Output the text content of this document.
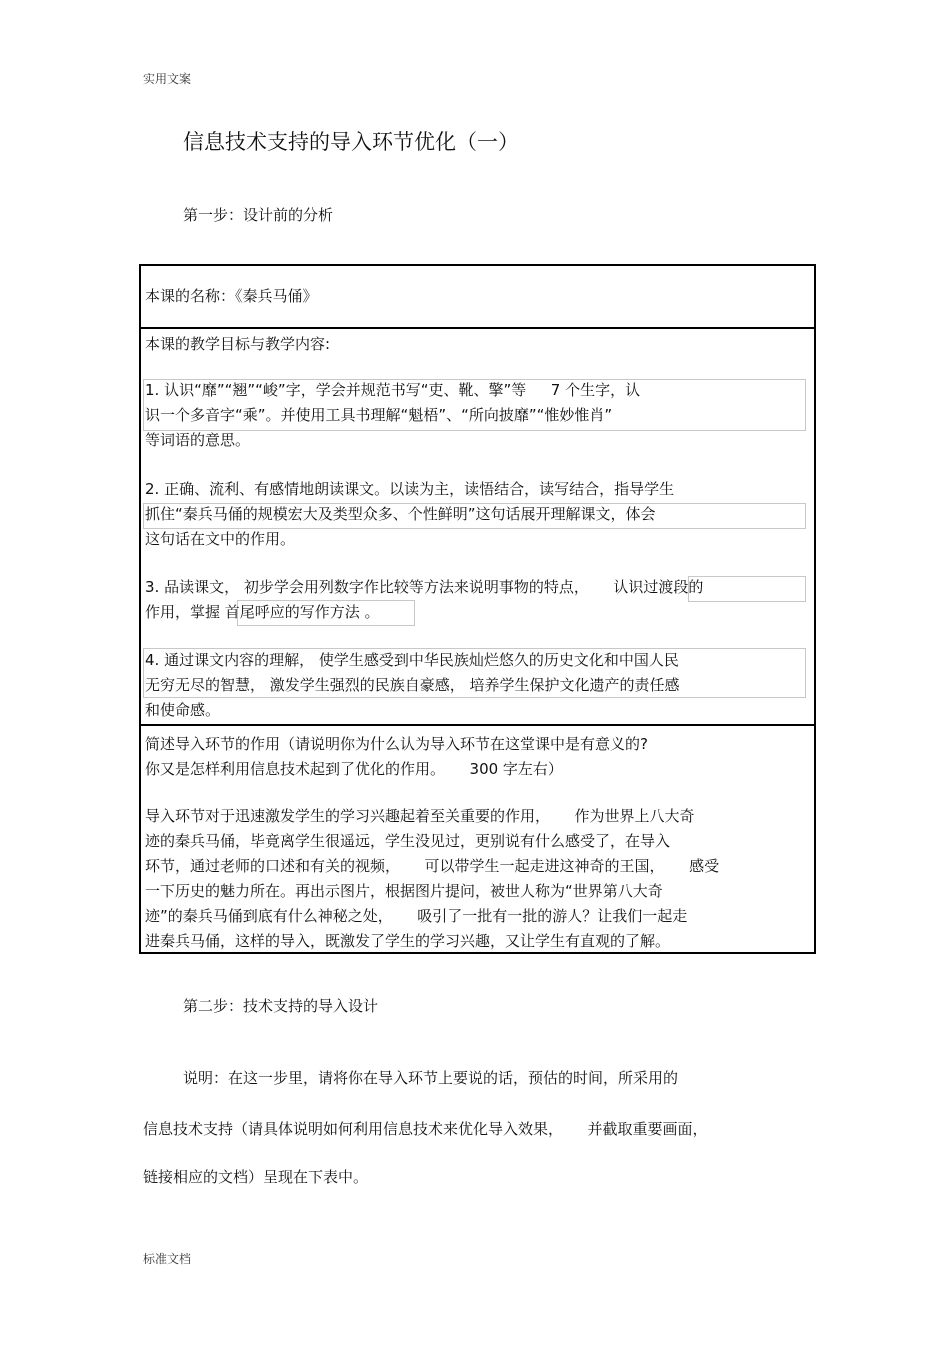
实用文案
信息技术支持的导入环节优化（一）
第一步：设计前的分析
本课的名称：《秦兵马俑》
本课的教学目标与教学内容:
1. 认识“靡”“翘”“峻”字，学会并规范书写“吏、靴、擎”等 　 7 个生字，认
识一个多音字“乘”。并使用工具书理解“魁梧”、“所向披靡”“惟妙惟肖”
等词语的意思。
2. 正确、流利、有感情地朗读课文。以读为主，读悟结合，读写结合，指导学生
抓住“秦兵马俑的规模宏大及类型众多、个性鲜明”这句话展开理解课文，体会
这句话在文中的作用。
3. 品读课文， 初步学会用列数字作比较等方法来说明事物的特点， 　 认识过渡段的
作用，掌握 首尾呼应的写作方法 。
4. 通过课文内容的理解， 使学生感受到中华民族灿烂悠久的历史文化和中国人民
无穷无尽的智慧， 激发学生强烈的民族自豪感， 培养学生保护文化遗产的责任感
和使命感。
简述导入环节的作用（请说明你为什么认为导入环节在这堂课中是有意义的?
你又是怎样利用信息技术起到了优化的作用。 　 300 字左右）
导入环节对于迅速激发学生的学习兴趣起着至关重要的作用， 　 作为世界上八大奇
迹的秦兵马俑，毕竟离学生很遥远，学生没见过，更别说有什么感受了，在导入
环节，通过老师的口述和有关的视频， 　 可以带学生一起走进这神奇的王国， 　 感受
一下历史的魅力所在。再出示图片，根据图片提问，被世人称为“世界第八大奇
迹”的秦兵马俑到底有什么神秘之处， 　 吸引了一批有一批的游人？让我们一起走
进秦兵马俑，这样的导入，既激发了学生的学习兴趣，又让学生有直观的了解。
第二步：技术支持的导入设计
说明：在这一步里，请将你在导入环节上要说的话，预估的时间，所采用的
信息技术支持（请具体说明如何利用信息技术来优化导入效果， 　 并截取重要画面，
链接相应的文档）呈现在下表中。
标准文档
